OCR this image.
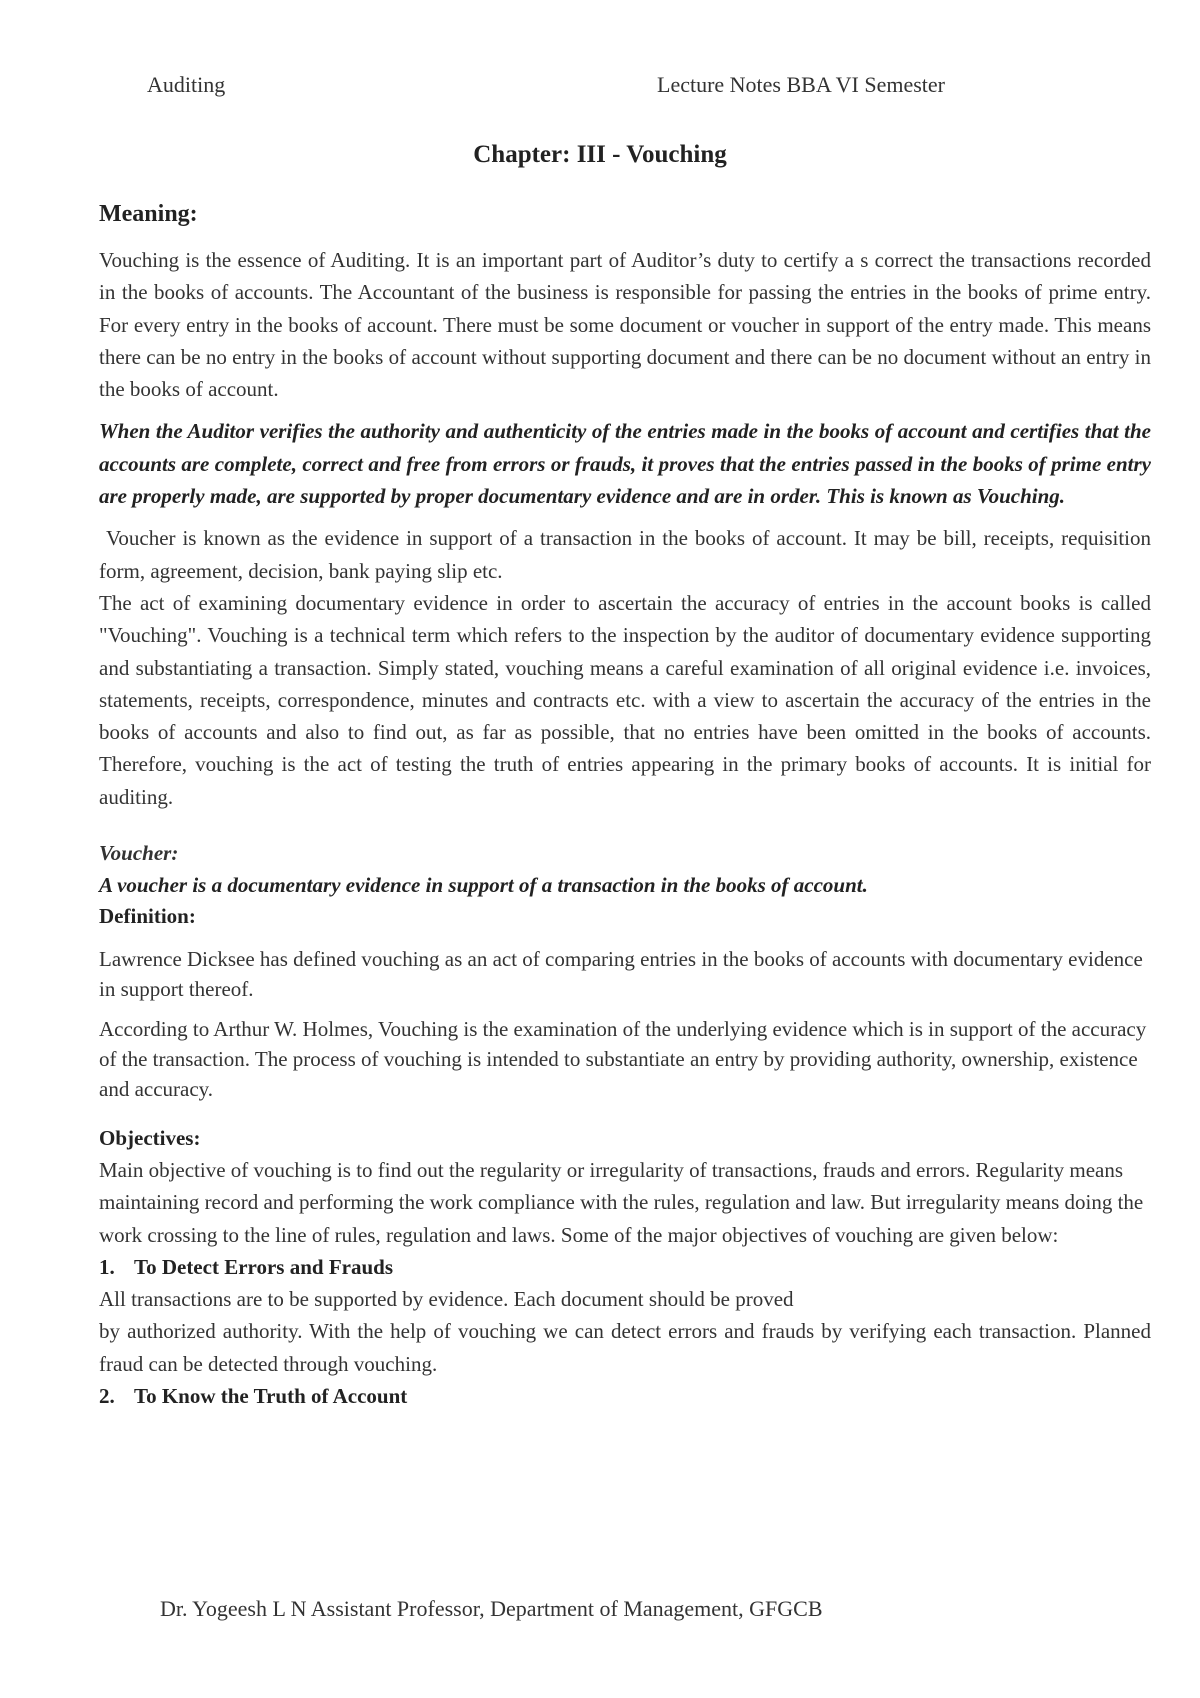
Auditing	Lecture Notes BBA VI Semester
Chapter: III - Vouching

Meaning:

Vouching is the essence of Auditing. It is an important part of Auditor’s duty to certify a s correct the transactions recorded in the books of accounts. The Accountant of the business is responsible for passing the entries in the books of prime entry. For every entry in the books of account. There must be some document or voucher in support of the entry made. This means there can be no entry in the books of account without supporting document and there can be no document without an entry in the books of account.

When the Auditor verifies the authority and authenticity of the entries made in the books of account and certifies that the accounts are complete, correct and free from errors or frauds, it proves that the entries passed in the books of prime entry are properly made, are supported by proper documentary evidence and are in order. This is known as Vouching.

Voucher is known as the evidence in support of a transaction in the books of account. It may be bill, receipts, requisition form, agreement, decision, bank paying slip etc.

The act of examining documentary evidence in order to ascertain the accuracy of entries in the account books is called "Vouching". Vouching is a technical term which refers to the inspection by the auditor of documentary evidence supporting and substantiating a transaction. Simply stated, vouching means a careful examination of all original evidence i.e. invoices, statements, receipts, correspondence, minutes and contracts etc. with a view to ascertain the accuracy of the entries in the books of accounts and also to find out, as far as possible, that no entries have been omitted in the books of accounts. Therefore, vouching is the act of testing the truth of entries appearing in the primary books of accounts. It is initial for auditing.

Voucher:

A voucher is a documentary evidence in support of a transaction in the books of account.

Definition:

Lawrence Dicksee has defined vouching as an act of comparing entries in the books of accounts with documentary evidence in support thereof.

According to Arthur W. Holmes, Vouching is the examination of the underlying evidence which is in support of the accuracy of the transaction. The process of vouching is intended to substantiate an entry by providing authority, ownership, existence and accuracy.

Objectives:

Main objective of vouching is to find out the regularity or irregularity of transactions, frauds and errors. Regularity means maintaining record and performing the work compliance with the rules, regulation and law. But irregularity means doing the work crossing to the line of rules, regulation and laws. Some of the major objectives of vouching are given below:

1. To Detect Errors and Frauds

All transactions are to be supported by evidence. Each document should be proved

by authorized authority. With the help of vouching we can detect errors and frauds by verifying each transaction. Planned fraud can be detected through vouching.

2. To Know the Truth of Account

Dr. Yogeesh L N Assistant Professor, Department of Management, GFGCB
